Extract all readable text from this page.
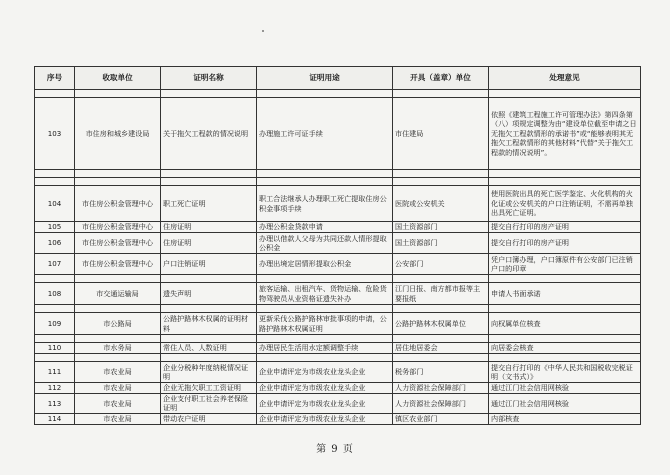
序号	收取单位	证明名称	证明用途	开具（盖章）单位	处理意见

103	市住房和城乡建设局	关于拖欠工程款的情况说明	办理施工许可证手续	市住建局	依照《建筑工程施工许可管理办法》第四条第（八）项规定调整为由“建设单位截至申请之日无拖欠工程款情形的承诺书”或“能够表明其无拖欠工程款情形的其他材料”代替“关于拖欠工程款的情况说明”。

104	市住房公积金管理中心	职工死亡证明	职工合法继承人办理职工死亡提取住房公积金事项手续	医院或公安机关	使用医院出具的死亡医学鉴定、火化机构的火化证或公安机关的户口注销证明，不需再单独出具死亡证明。
105	市住房公积金管理中心	住房证明	办理公积金贷款申请	国土资源部门	提交自行打印的房产证明
106	市住房公积金管理中心	住房证明	办理以借款人父母为共同还款人情形提取公积金	国土资源部门	提交自行打印的房产证明
107	市住房公积金管理中心	户口注销证明	办理出境定居情形提取公积金	公安部门	凭户口簿办理，户口簿原件有公安部门已注销户口的印章

108	市交通运输局	遗失声明	旅客运输、出租汽车、货物运输、危险货物驾驶员从业资格证遗失补办	江门日报、南方都市报等主要报纸	申请人书面承诺

109	市公路局	公路护路林木权属的证明材料	更新采伐公路护路林审批事项的申请，公路护路林木权属证明	公路护路林木权属单位	向权属单位核查

110	市水务局	常住人员、人数证明	办理居民生活用水定额调整手续	居住地居委会	向居委会核查

111	市农业局	企业分税种年度纳税情况证明	企业申请评定为市级农业龙头企业	税务部门	提交自行打印的《中华人民共和国税收完税证明（文书式）》
112	市农业局	企业无拖欠职工工资证明	企业申请评定为市级农业龙头企业	人力资源社会保障部门	通过江门社会信用网核验
113	市农业局	企业支付职工社会养老保险证明	企业申请评定为市级农业龙头企业	人力资源社会保障部门	通过江门社会信用网核验
114	市农业局	带动农户证明	企业申请评定为市级农业龙头企业	镇区农业部门	内部核查
第 9 页
